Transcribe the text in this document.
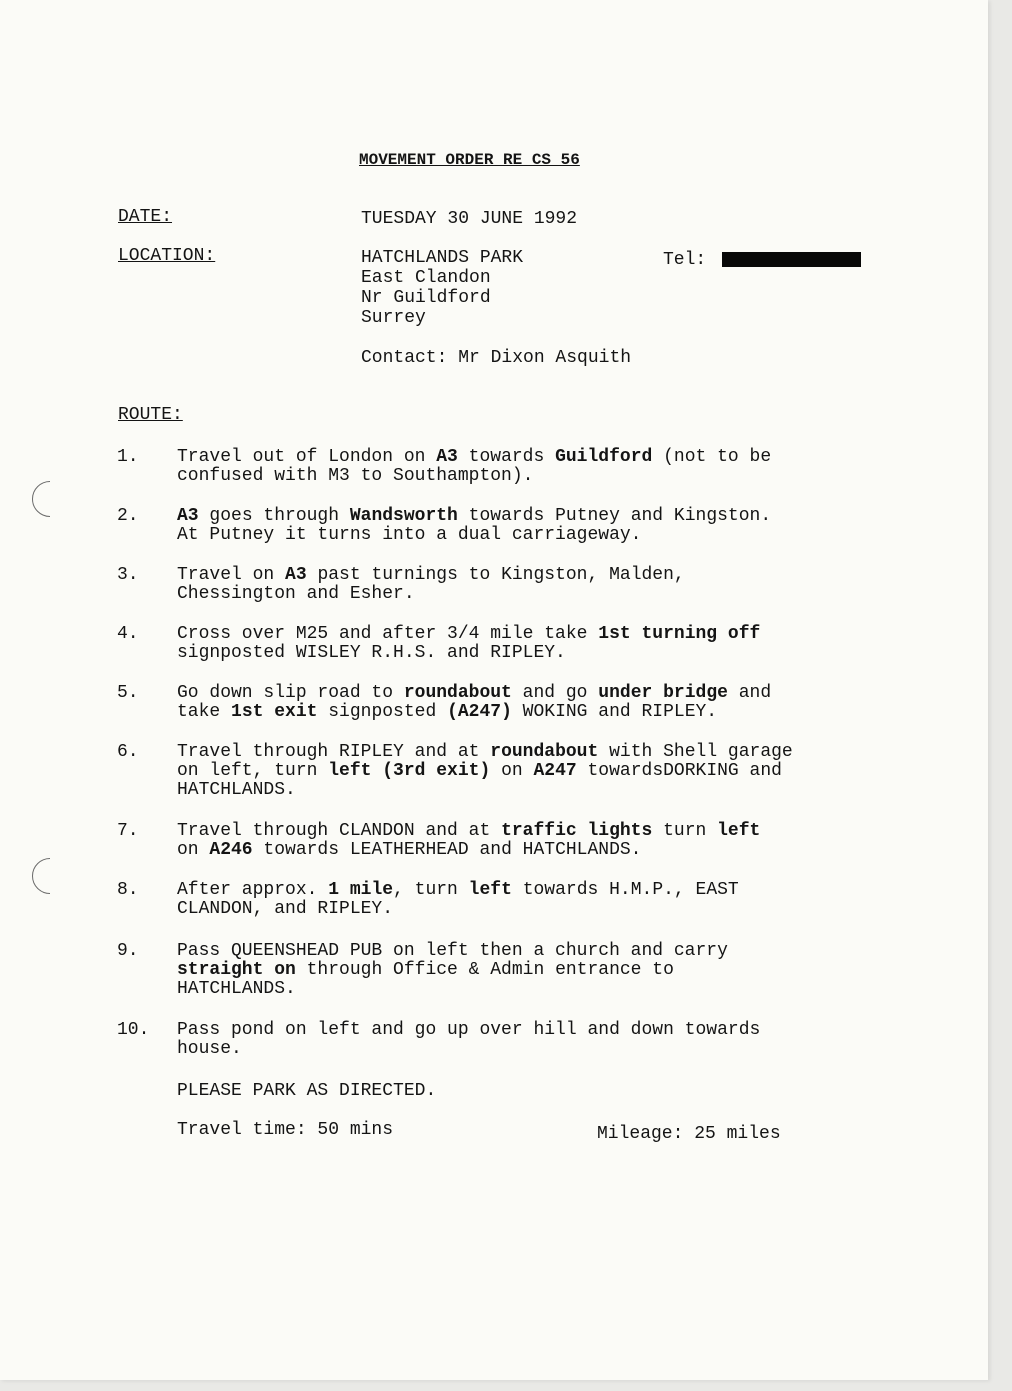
MOVEMENT ORDER RE CS 56
DATE:	TUESDAY 30 JUNE 1992
LOCATION:	HATCHLANDS PARK
East Clandon
Nr Guildford
Surrey
Tel:
Contact: Mr Dixon Asquith
ROUTE:
1. Travel out of London on A3 towards Guildford (not to be
confused with M3 to Southampton).
2. A3 goes through Wandsworth towards Putney and Kingston.
At Putney it turns into a dual carriageway.
3. Travel on A3 past turnings to Kingston, Malden,
Chessington and Esher.
4. Cross over M25 and after 3/4 mile take 1st turning off
signposted WISLEY R.H.S. and RIPLEY.
5. Go down slip road to roundabout and go under bridge and
take 1st exit signposted (A247) WOKING and RIPLEY.
6. Travel through RIPLEY and at roundabout with Shell garage
on left, turn left (3rd exit) on A247 towardsDORKING and
HATCHLANDS.
7. Travel through CLANDON and at traffic lights turn left
on A246 towards LEATHERHEAD and HATCHLANDS.
8. After approx. 1 mile, turn left towards H.M.P., EAST
CLANDON, and RIPLEY.
9. Pass QUEENSHEAD PUB on left then a church and carry
straight on through Office & Admin entrance to
HATCHLANDS.
10. Pass pond on left and go up over hill and down towards
house.
PLEASE PARK AS DIRECTED.
Travel time: 50 mins	Mileage: 25 miles
